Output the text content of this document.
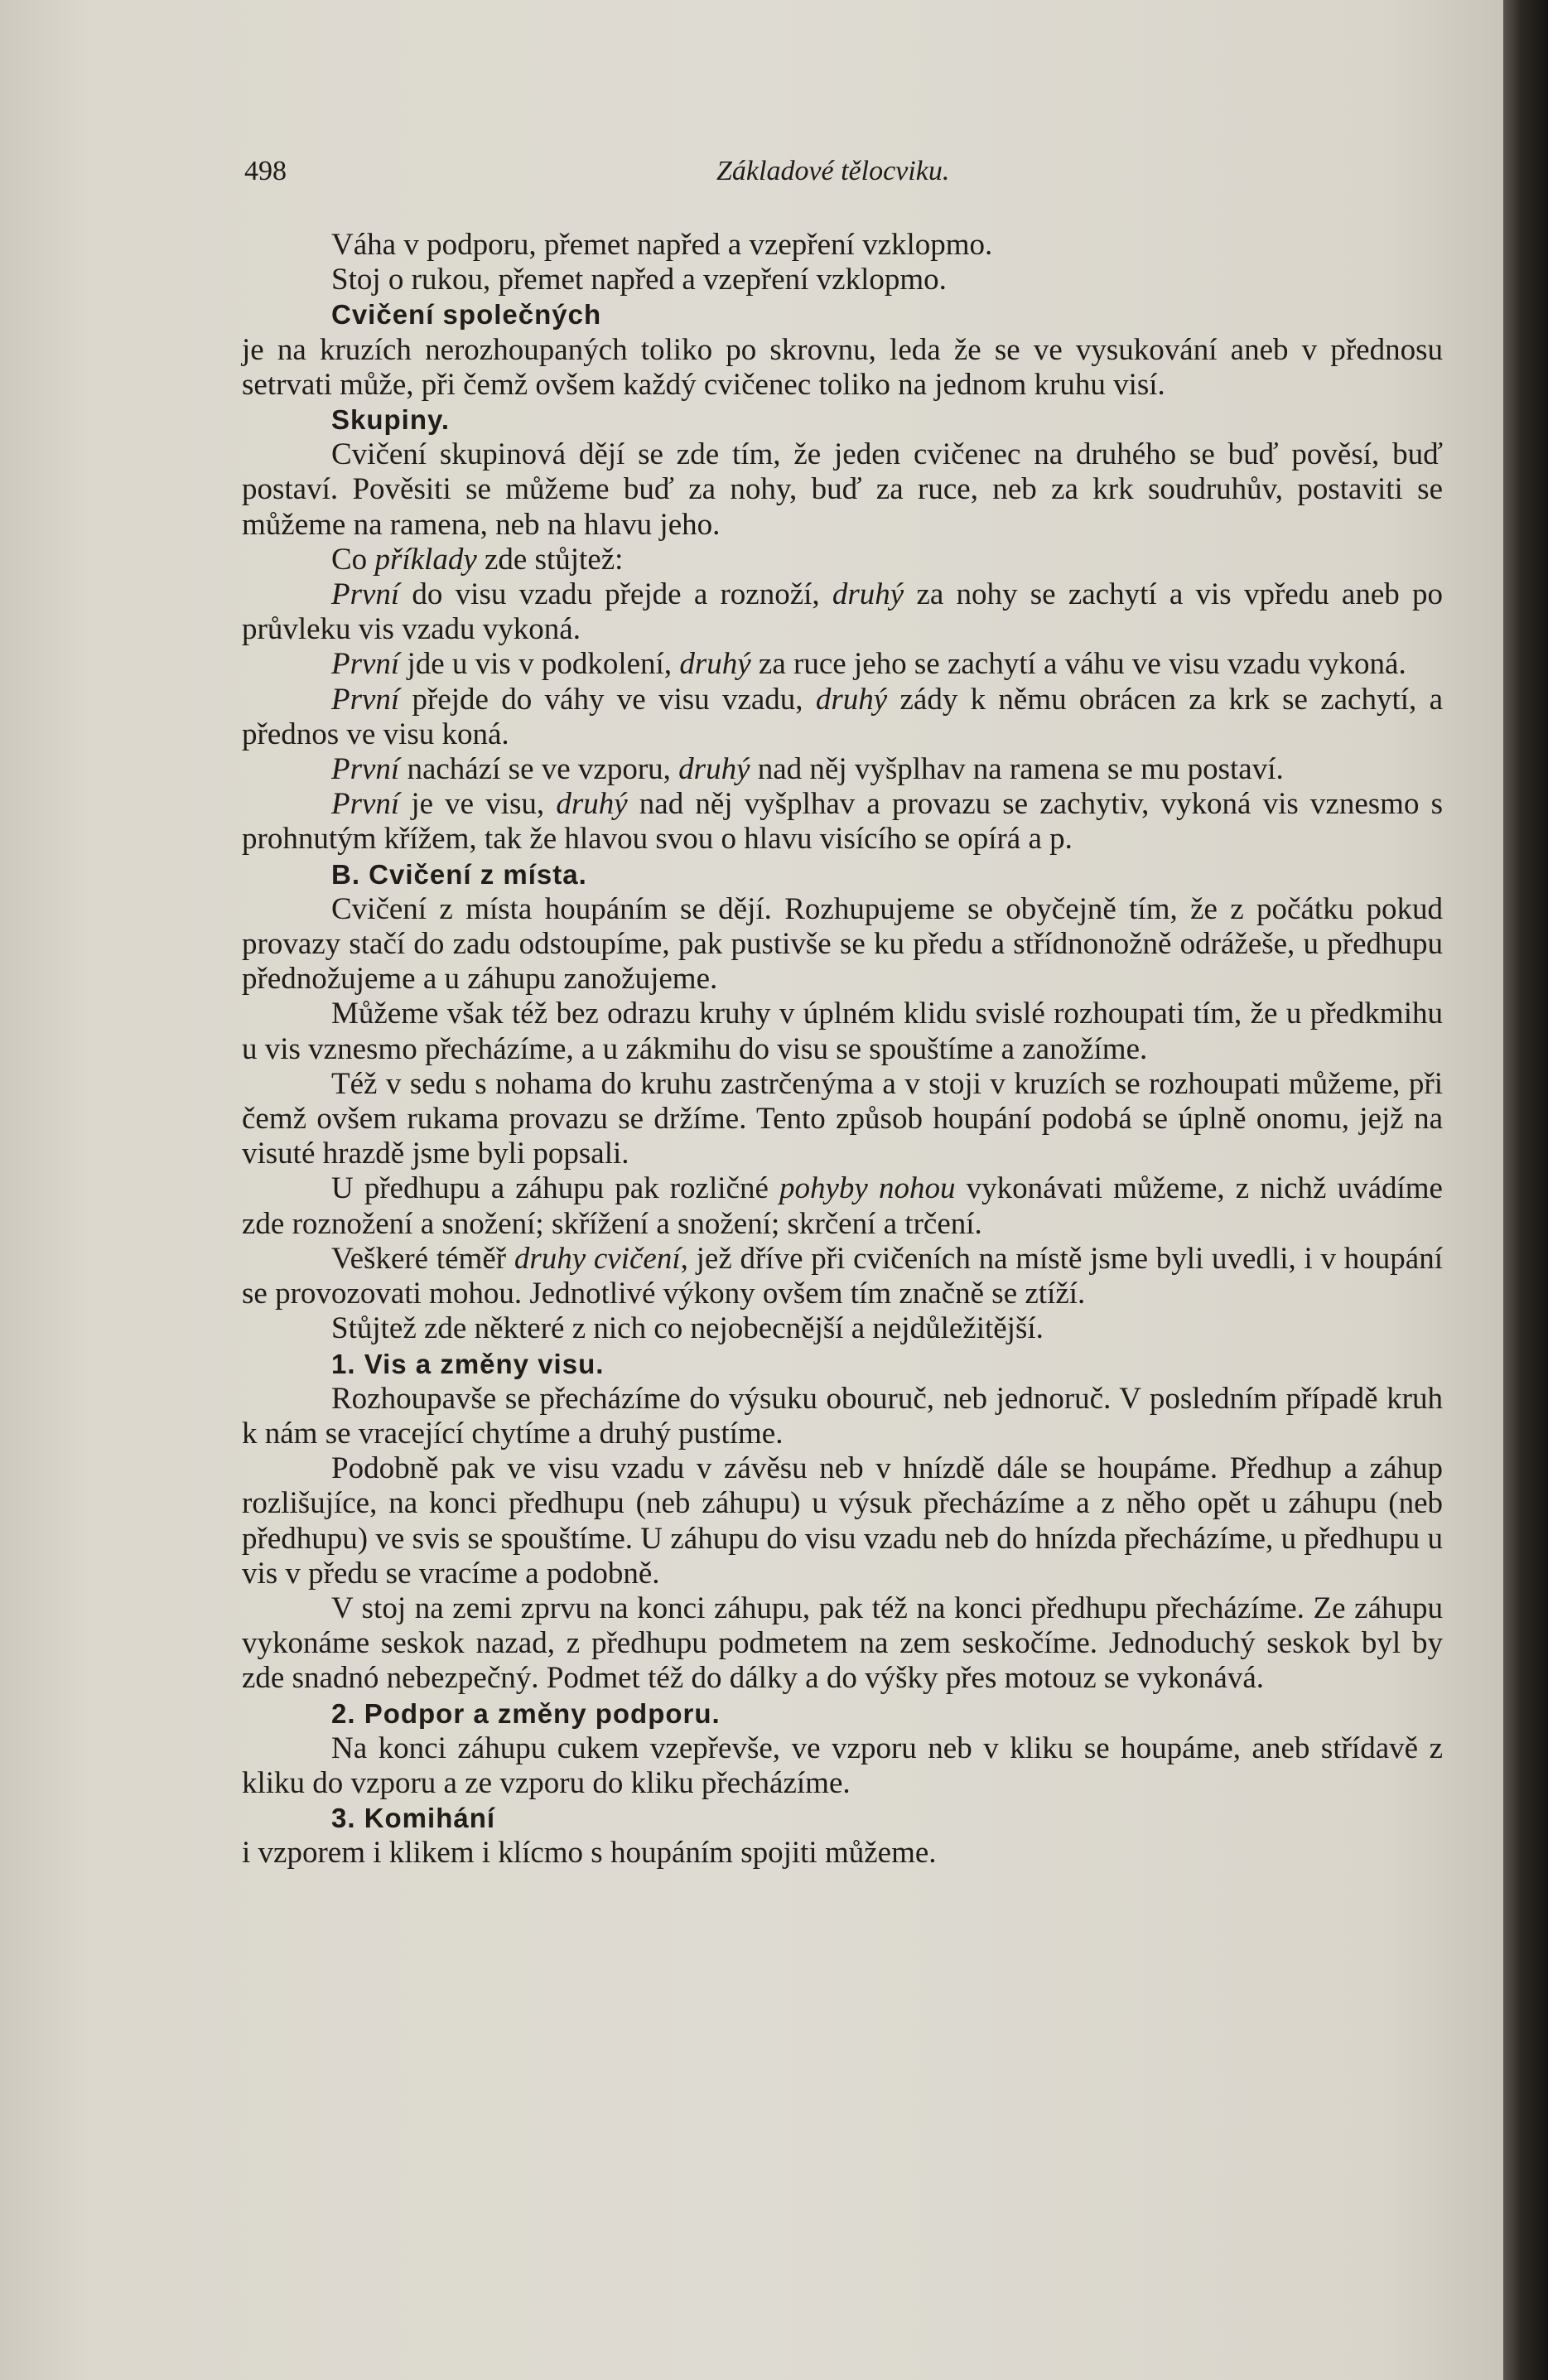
498	Základové tělocviku.

Váha v podporu, přemet napřed a vzepření vzklopmo.

Stoj o rukou, přemet napřed a vzepření vzklopmo.

Cvičení společných

je na kruzích nerozhoupaných toliko po skrovnu, leda že se ve vysukování aneb v přednosu setrvati může, při čemž ovšem každý cvičenec toliko na jednom kruhu visí.

Skupiny.

Cvičení skupinová dějí se zde tím, že jeden cvičenec na druhého se buď pověsí, buď postaví. Pověsiti se můžeme buď za nohy, buď za ruce, neb za krk soudruhův, postaviti se můžeme na ramena, neb na hlavu jeho.

Co příklady zde stůjtež:

První do visu vzadu přejde a roznoží, druhý za nohy se zachytí a vis vpředu aneb po průvleku vis vzadu vykoná.

První jde u vis v podkolení, druhý za ruce jeho se zachytí a váhu ve visu vzadu vykoná.

První přejde do váhy ve visu vzadu, druhý zády k němu obrácen za krk se zachytí, a přednos ve visu koná.

První nachází se ve vzporu, druhý nad něj vyšplhav na ramena se mu postaví.

První je ve visu, druhý nad něj vyšplhav a provazu se zachytiv, vykoná vis vznesmo s prohnutým křížem, tak že hlavou svou o hlavu visícího se opírá a p.

B. Cvičení z místa.

Cvičení z místa houpáním se dějí. Rozhupujeme se obyčejně tím, že z počátku pokud provazy stačí do zadu odstoupíme, pak pustivše se ku předu a střídnonožně odrážeše, u předhupu přednožujeme a u záhupu zanožujeme.

Můžeme však též bez odrazu kruhy v úplném klidu svislé rozhoupati tím, že u předkmihu u vis vznesmo přecházíme, a u zákmihu do visu se spouštíme a zanožíme.

Též v sedu s nohama do kruhu zastrčenýma a v stoji v kruzích se rozhoupati můžeme, při čemž ovšem rukama provazu se držíme. Tento způsob houpání podobá se úplně onomu, jejž na visuté hrazdě jsme byli popsali.

U předhupu a záhupu pak rozličné pohyby nohou vykonávati můžeme, z nichž uvádíme zde roznožení a snožení; skřížení a snožení; skrčení a trčení.

Veškeré téměř druhy cvičení, jež dříve při cvičeních na místě jsme byli uvedli, i v houpání se provozovati mohou. Jednotlivé výkony ovšem tím značně se ztíží.

Stůjtež zde některé z nich co nejobecnější a nejdůležitější.

1. Vis a změny visu.

Rozhoupavše se přecházíme do výsuku obouruč, neb jednoruč. V posledním případě kruh k nám se vracející chytíme a druhý pustíme.

Podobně pak ve visu vzadu v závěsu neb v hnízdě dále se houpáme. Předhup a záhup rozlišujíce, na konci předhupu (neb záhupu) u výsuk přecházíme a z něho opět u záhupu (neb předhupu) ve svis se spouštíme. U záhupu do visu vzadu neb do hnízda přecházíme, u předhupu u vis v předu se vracíme a podobně.

V stoj na zemi zprvu na konci záhupu, pak též na konci předhupu přecházíme. Ze záhupu vykonáme seskok nazad, z předhupu podmetem na zem seskočíme. Jednoduchý seskok byl by zde snadnó nebezpečný. Podmet též do dálky a do výšky přes motouz se vykonává.

2. Podpor a změny podporu.

Na konci záhupu cukem vzepřevše, ve vzporu neb v kliku se houpáme, aneb střídavě z kliku do vzporu a ze vzporu do kliku přecházíme.

3. Komihání

i vzporem i klikem i klícmo s houpáním spojiti můžeme.
